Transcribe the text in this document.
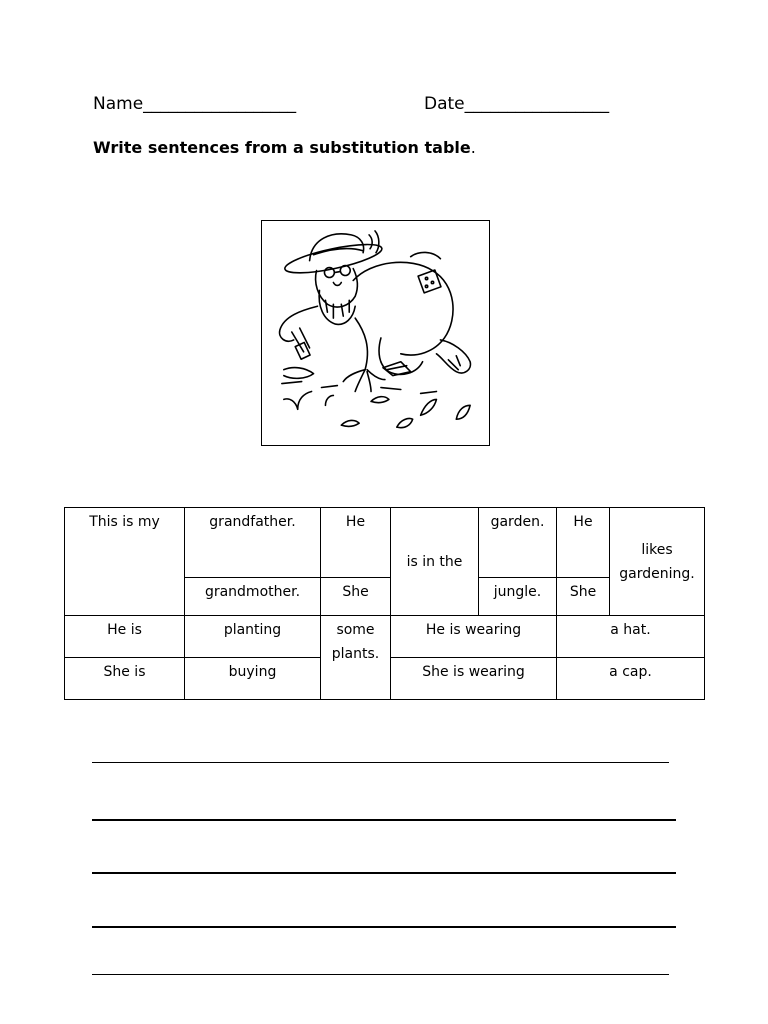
Name__________________	Date_________________
Write sentences from a substitution table.
This is my	grandfather.	He	is in the	garden.	He	likes gardening.
	grandmother.	She		jungle.	She	
He is	planting	some plants.	He is wearing		a hat.	
She is	buying		She is wearing		a cap.	
